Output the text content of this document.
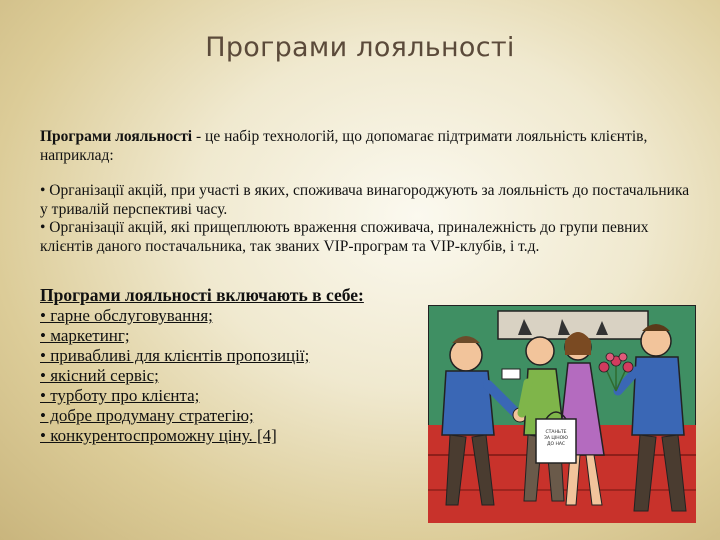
Програми лояльності
Програми лояльності - це набір технологій, що допомагає підтримати лояльність клієнтів, наприклад:

• Організації акцій, при участі в яких, споживача винагороджують за лояльність до постачальника у тривалій перспективі часу.

• Організації акцій, які прищеплюють враження споживача, приналежність до групи певних клієнтів даного постачальника, так званих VIP-програм та VIP-клубів, і т.д.

Програми лояльності включають в себе:
• гарне обслуговування;
• маркетинг;
• привабливі для клієнтів пропозиції;
• якісний сервіс;
• турботу про клієнта;
• добре продуману стратегію;
• конкурентоспроможну ціну. [4]	СТАНЬТЕ
ЗА ЦІНОЮ
ДО НАС
